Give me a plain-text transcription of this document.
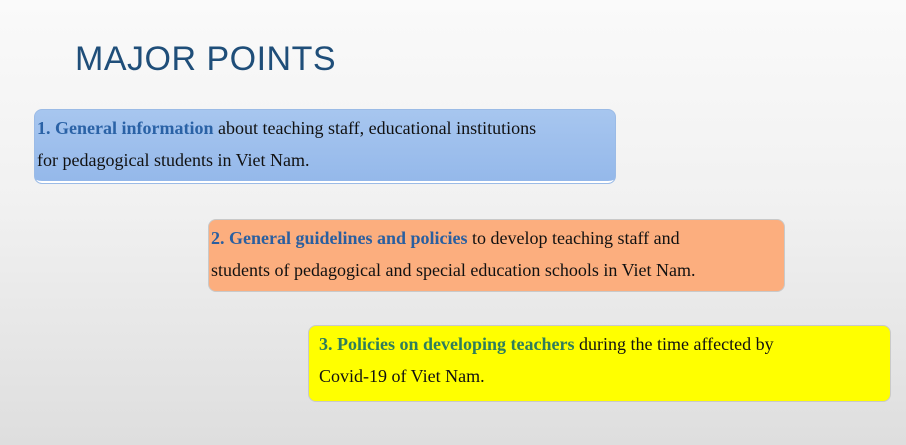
MAJOR POINTS
1. General information about teaching staff, educational institutions
for pedagogical students in Viet Nam.
2. General guidelines and policies to develop teaching staff and
students of pedagogical and special education schools in Viet Nam.
3. Policies on developing teachers during the time affected by
Covid-19 of Viet Nam.
